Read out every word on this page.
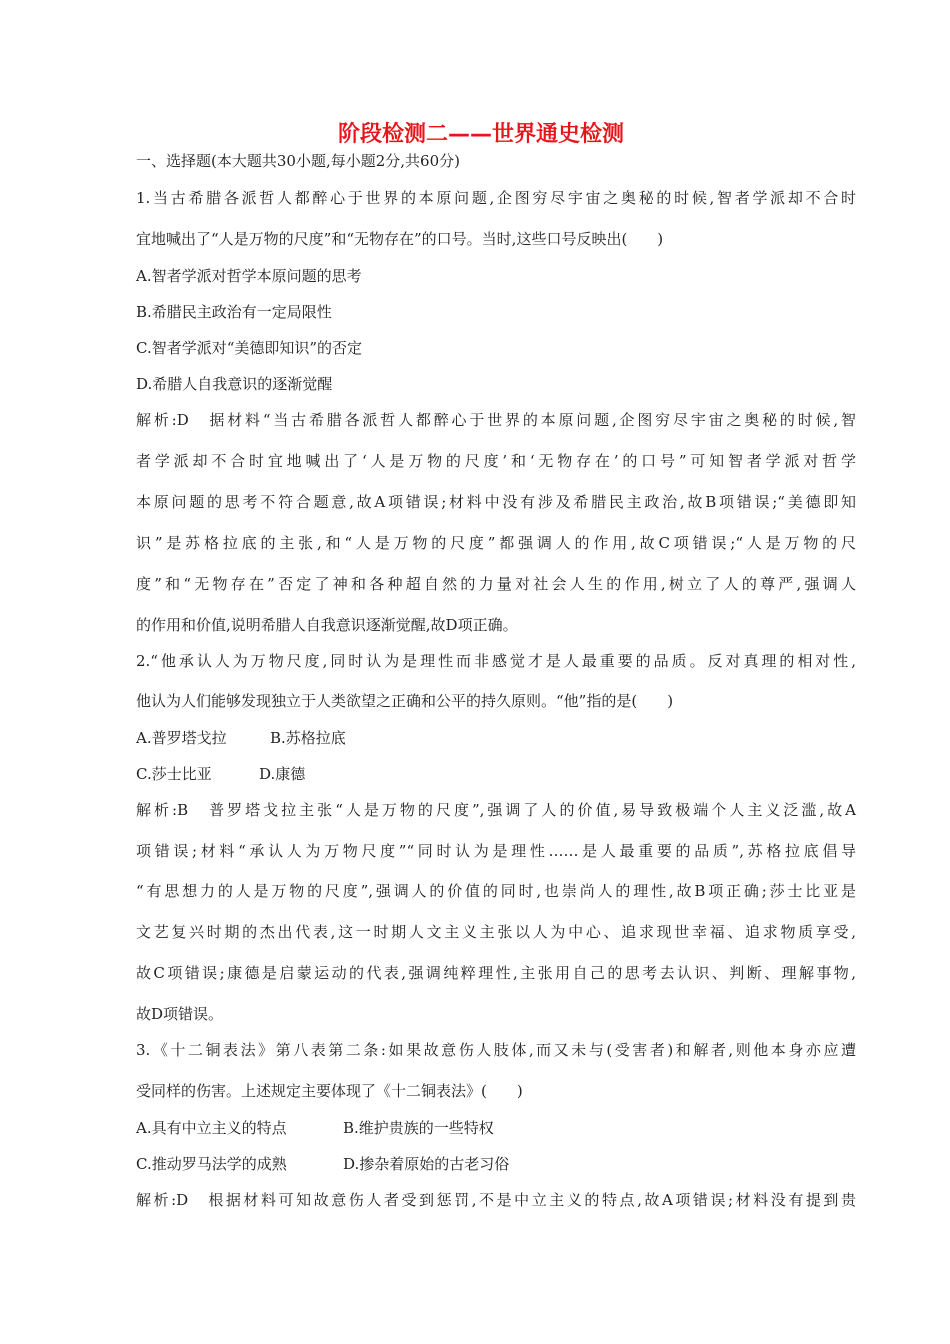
阶段检测二——世界通史检测
一、选择题(本大题共30小题,每小题2分,共60分)
1.当古希腊各派哲人都醉心于世界的本原问题,企图穷尽宇宙之奥秘的时候,智者学派却不合时
宜地喊出了“人是万物的尺度”和“无物存在”的口号。当时,这些口号反映出(　　)
A.智者学派对哲学本原问题的思考
B.希腊民主政治有一定局限性
C.智者学派对“美德即知识”的否定
D.希腊人自我意识的逐渐觉醒
解析:D　据材料“当古希腊各派哲人都醉心于世界的本原问题,企图穷尽宇宙之奥秘的时候,智
者学派却不合时宜地喊出了‘人是万物的尺度’和‘无物存在’的口号”可知智者学派对哲学
本原问题的思考不符合题意,故A项错误;材料中没有涉及希腊民主政治,故B项错误;“美德即知
识”是苏格拉底的主张,和“人是万物的尺度”都强调人的作用,故C项错误;“人是万物的尺
度”和“无物存在”否定了神和各种超自然的力量对社会人生的作用,树立了人的尊严,强调人
的作用和价值,说明希腊人自我意识逐渐觉醒,故D项正确。
2.“他承认人为万物尺度,同时认为是理性而非感觉才是人最重要的品质。反对真理的相对性,
他认为人们能够发现独立于人类欲望之正确和公平的持久原则。“他”指的是(　　)
A.普罗塔戈拉	B.苏格拉底
C.莎士比亚	D.康德
解析:B　普罗塔戈拉主张“人是万物的尺度”,强调了人的价值,易导致极端个人主义泛滥,故A
项错误;材料“承认人为万物尺度”“同时认为是理性……是人最重要的品质”,苏格拉底倡导
“有思想力的人是万物的尺度”,强调人的价值的同时,也崇尚人的理性,故B项正确;莎士比亚是
文艺复兴时期的杰出代表,这一时期人文主义主张以人为中心、追求现世幸福、追求物质享受,
故C项错误;康德是启蒙运动的代表,强调纯粹理性,主张用自己的思考去认识、判断、理解事物,
故D项错误。
3.《十二铜表法》第八表第二条:如果故意伤人肢体,而又未与(受害者)和解者,则他本身亦应遭
受同样的伤害。上述规定主要体现了《十二铜表法》(　　)
A.具有中立主义的特点	B.维护贵族的一些特权
C.推动罗马法学的成熟	D.掺杂着原始的古老习俗
解析:D　根据材料可知故意伤人者受到惩罚,不是中立主义的特点,故A项错误;材料没有提到贵
